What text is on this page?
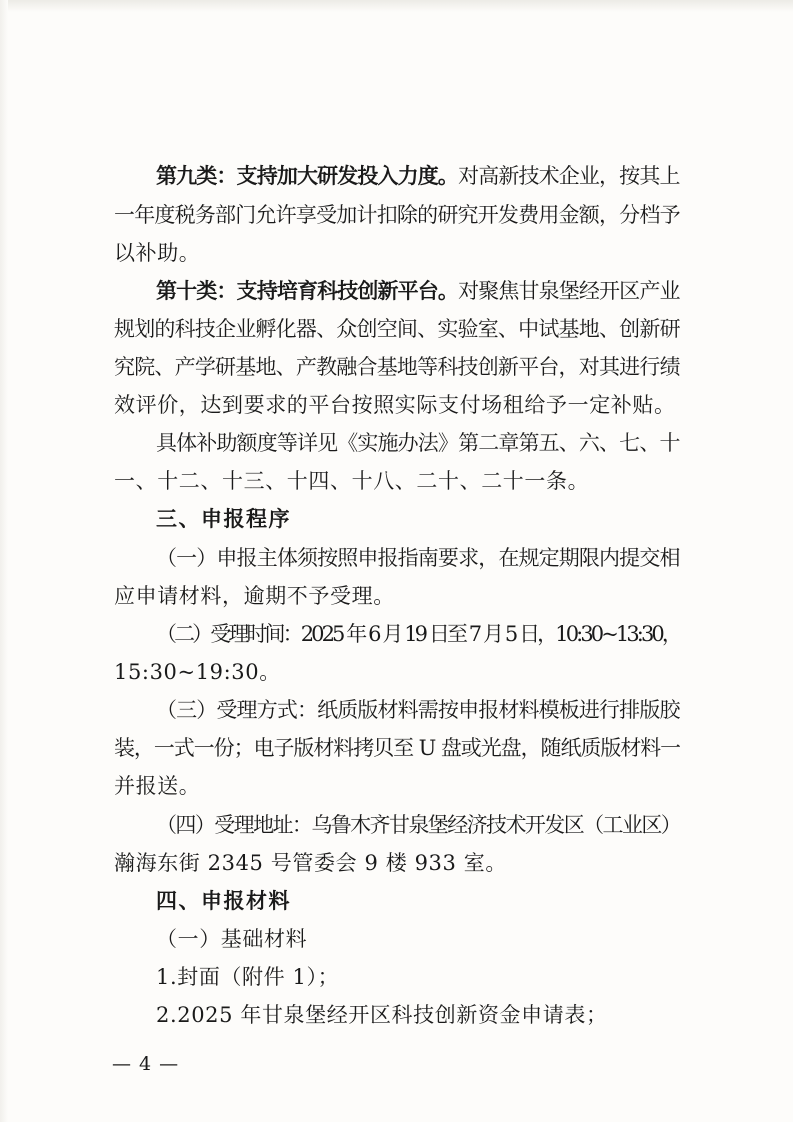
第九类：支持加大研发投入力度。对高新技术企业，按其上
一年度税务部门允许享受加计扣除的研究开发费用金额，分档予
以补助。
第十类：支持培育科技创新平台。对聚焦甘泉堡经开区产业
规划的科技企业孵化器、众创空间、实验室、中试基地、创新研
究院、产学研基地、产教融合基地等科技创新平台，对其进行绩
效评价，达到要求的平台按照实际支付场租给予一定补贴。
具体补助额度等详见《实施办法》第二章第五、六、七、十
一、十二、十三、十四、十八、二十、二十一条。
三、申报程序
（一）申报主体须按照申报指南要求，在规定期限内提交相
应申请材料，逾期不予受理。
（二）受理时间：2025 年 6 月 19 日至 7 月 5 日，10:30~13:30，
15:30~19:30。
（三）受理方式：纸质版材料需按申报材料模板进行排版胶
装，一式一份；电子版材料拷贝至 U 盘或光盘，随纸质版材料一
并报送。
（四）受理地址：乌鲁木齐甘泉堡经济技术开发区（工业区）
瀚海东街 2345 号管委会 9 楼 933 室。
四、申报材料
（一）基础材料
1.封面（附件 1）；
2.2025 年甘泉堡经开区科技创新资金申请表；
— 4 —
